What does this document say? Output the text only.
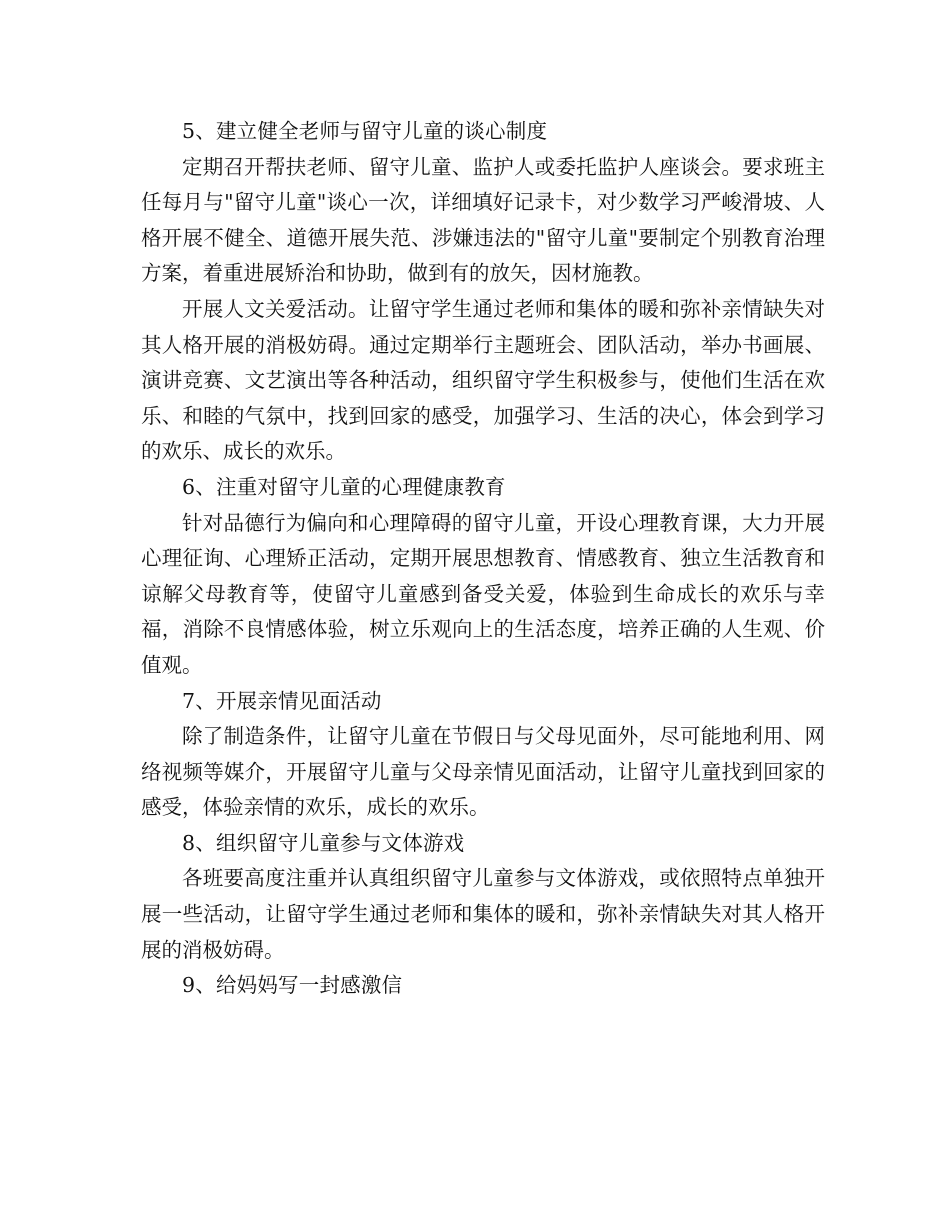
5、建立健全老师与留守儿童的谈心制度

定期召开帮扶老师、留守儿童、监护人或委托监护人座谈会。要求班主任每月与"留守儿童"谈心一次，详细填好记录卡，对少数学习严峻滑坡、人格开展不健全、道德开展失范、涉嫌违法的"留守儿童"要制定个别教育治理方案，着重进展矫治和协助，做到有的放矢，因材施教。

开展人文关爱活动。让留守学生通过老师和集体的暖和弥补亲情缺失对其人格开展的消极妨碍。通过定期举行主题班会、团队活动，举办书画展、演讲竞赛、文艺演出等各种活动，组织留守学生积极参与，使他们生活在欢乐、和睦的气氛中，找到回家的感受，加强学习、生活的决心，体会到学习的欢乐、成长的欢乐。

6、注重对留守儿童的心理健康教育

针对品德行为偏向和心理障碍的留守儿童，开设心理教育课，大力开展心理征询、心理矫正活动，定期开展思想教育、情感教育、独立生活教育和谅解父母教育等，使留守儿童感到备受关爱，体验到生命成长的欢乐与幸福，消除不良情感体验，树立乐观向上的生活态度，培养正确的人生观、价值观。

7、开展亲情见面活动

除了制造条件，让留守儿童在节假日与父母见面外，尽可能地利用、网络视频等媒介，开展留守儿童与父母亲情见面活动，让留守儿童找到回家的感受，体验亲情的欢乐，成长的欢乐。

8、组织留守儿童参与文体游戏

各班要高度注重并认真组织留守儿童参与文体游戏，或依照特点单独开展一些活动，让留守学生通过老师和集体的暖和，弥补亲情缺失对其人格开展的消极妨碍。

9、给妈妈写一封感激信
